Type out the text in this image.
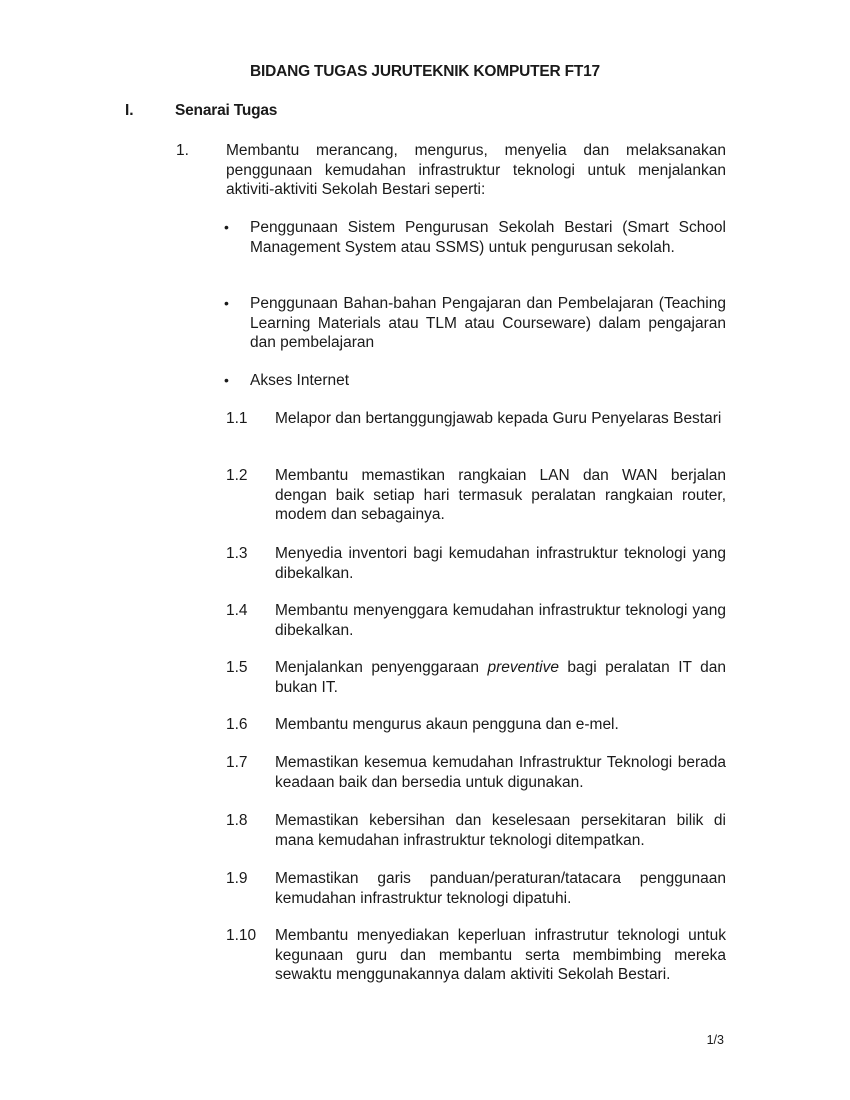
BIDANG TUGAS JURUTEKNIK KOMPUTER FT17
I.	Senarai Tugas
1. Membantu merancang, mengurus, menyelia dan melaksanakan penggunaan kemudahan infrastruktur teknologi untuk menjalankan aktiviti-aktiviti Sekolah Bestari seperti:
• Penggunaan Sistem Pengurusan Sekolah Bestari (Smart School Management System atau SSMS) untuk pengurusan sekolah.
• Penggunaan Bahan-bahan Pengajaran dan Pembelajaran (Teaching Learning Materials atau TLM atau Courseware) dalam pengajaran dan pembelajaran
• Akses Internet
1.1 Melapor dan bertanggungjawab kepada Guru Penyelaras Bestari
1.2 Membantu memastikan rangkaian LAN dan WAN berjalan dengan baik setiap hari termasuk peralatan rangkaian router, modem dan sebagainya.
1.3 Menyedia inventori bagi kemudahan infrastruktur teknologi yang dibekalkan.
1.4 Membantu menyenggara kemudahan infrastruktur teknologi yang dibekalkan.
1.5 Menjalankan penyenggaraan preventive bagi peralatan IT dan bukan IT.
1.6 Membantu mengurus akaun pengguna dan e-mel.
1.7 Memastikan kesemua kemudahan Infrastruktur Teknologi berada keadaan baik dan bersedia untuk digunakan.
1.8 Memastikan kebersihan dan keselesaan persekitaran bilik di mana kemudahan infrastruktur teknologi ditempatkan.
1.9 Memastikan garis panduan/peraturan/tatacara penggunaan kemudahan infrastruktur teknologi dipatuhi.
1.10 Membantu menyediakan keperluan infrastrutur teknologi untuk kegunaan guru dan membantu serta membimbing mereka sewaktu menggunakannya dalam aktiviti Sekolah Bestari.
1/3
